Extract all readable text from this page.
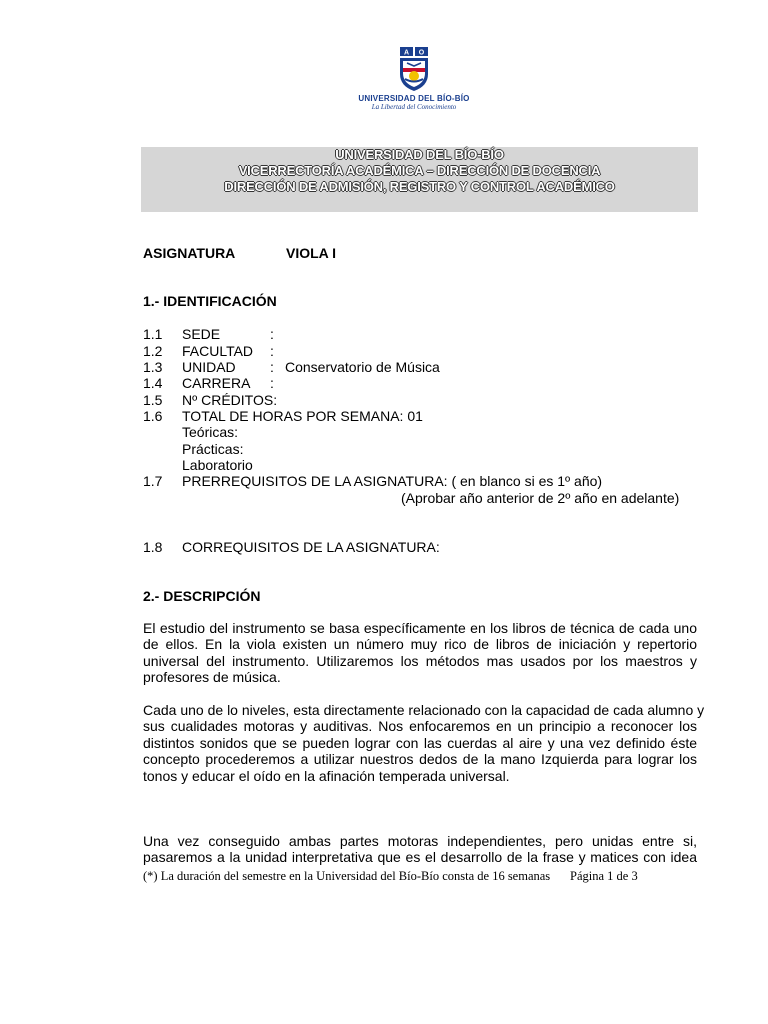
A O
UNIVERSIDAD DEL BÍO-BÍO
La Libertad del Conocimiento
UNIVERSIDAD DEL BÍO-BÍO
VICERRECTORÍA ACADÉMICA – DIRECCIÓN DE DOCENCIA
DIRECCIÓN DE ADMISIÓN, REGISTRO Y CONTROL ACADÉMICO
ASIGNATURA	VIOLA I
1.- IDENTIFICACIÓN
1.1 SEDE	:
1.2 FACULTAD :
1.3 UNIDAD : Conservatorio de Música
1.4 CARRERA :
1.5 Nº CRÉDITOS:
1.6 TOTAL DE HORAS POR SEMANA: 01
Teóricas:
Prácticas:
Laboratorio
1.7 PRERREQUISITOS DE LA ASIGNATURA: ( en blanco si es 1º año)
(Aprobar año anterior de 2º año en adelante)
1.8 CORREQUISITOS DE LA ASIGNATURA:
2.- DESCRIPCIÓN
El estudio del instrumento se basa específicamente en los libros de técnica de cada uno
de ellos. En la viola existen un número muy rico de libros de iniciación y repertorio
universal del instrumento. Utilizaremos los métodos mas usados por los maestros y
profesores de música.
Cada uno de lo niveles, esta directamente relacionado con la capacidad de cada alumno y
sus cualidades motoras y auditivas. Nos enfocaremos en un principio a reconocer los
distintos sonidos que se pueden lograr con las cuerdas al aire y una vez definido éste
concepto procederemos a utilizar nuestros dedos de la mano Izquierda para lograr los
tonos y educar el oído en la afinación temperada universal.
Una vez conseguido ambas partes motoras independientes, pero unidas entre si,
pasaremos a la unidad interpretativa que es el desarrollo de la frase y matices con idea
(*) La duración del semestre en la Universidad del Bío-Bío consta de 16 semanas Página 1 de 3
